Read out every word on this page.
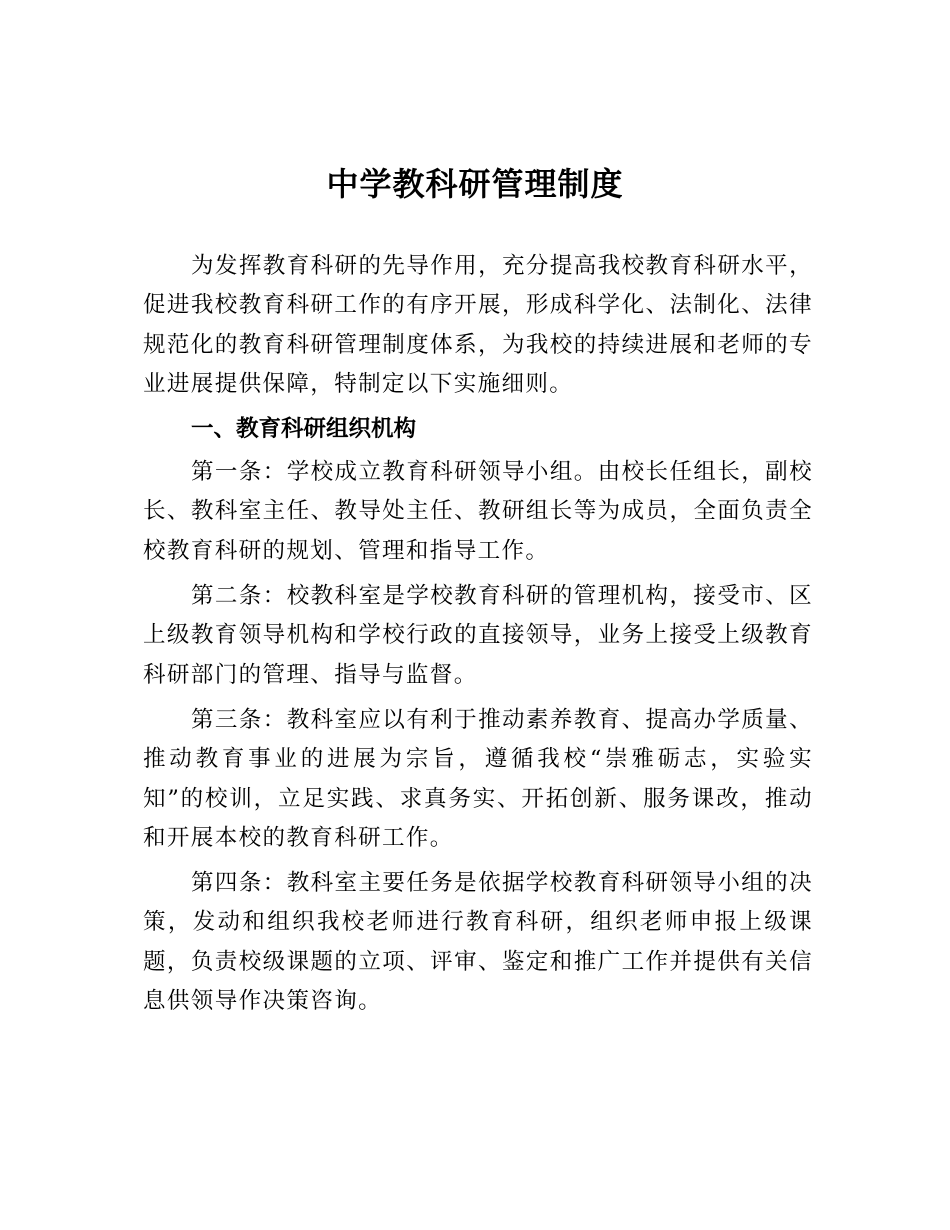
中学教科研管理制度

为发挥教育科研的先导作用，充分提高我校教育科研水平，促进我校教育科研工作的有序开展，形成科学化、法制化、法律规范化的教育科研管理制度体系，为我校的持续进展和老师的专业进展提供保障，特制定以下实施细则。

一、教育科研组织机构

第一条：学校成立教育科研领导小组。由校长任组长，副校长、教科室主任、教导处主任、教研组长等为成员，全面负责全校教育科研的规划、管理和指导工作。

第二条：校教科室是学校教育科研的管理机构，接受市、区上级教育领导机构和学校行政的直接领导，业务上接受上级教育科研部门的管理、指导与监督。

第三条：教科室应以有利于推动素养教育、提高办学质量、推动教育事业的进展为宗旨，遵循我校“崇雅砺志，实验实知”的校训，立足实践、求真务实、开拓创新、服务课改，推动和开展本校的教育科研工作。

第四条：教科室主要任务是依据学校教育科研领导小组的决策，发动和组织我校老师进行教育科研，组织老师申报上级课题，负责校级课题的立项、评审、鉴定和推广工作并提供有关信息供领导作决策咨询。
